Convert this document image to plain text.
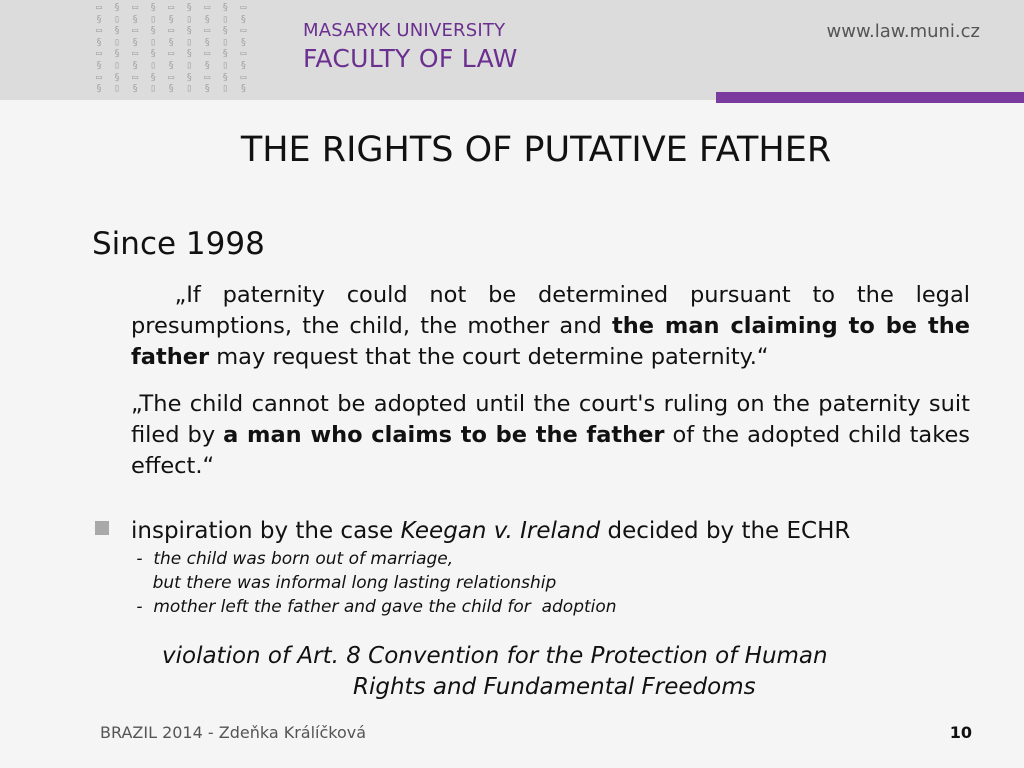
▭ § ▭ § ▭ § ▭ § ▭
§ ▯ § ▯ § ▯ § ▯ §
▭ § ▭ § ▭ § ▭ § ▭
§ ▯ § ▯ § ▯ § ▯ §
▭ § ▭ § ▭ § ▭ § ▭
§ ▯ § ▯ § ▯ § ▯ §
▭ § ▭ § ▭ § ▭ § ▭
§ ▯ § ▯ § ▯ § ▯ §
MASARYK UNIVERSITY
FACULTY OF LAW
www.law.muni.cz
THE RIGHTS OF PUTATIVE FATHER
Since 1998
„If paternity could not be determined pursuant to the legal presumptions, the child, the mother and the man claiming to be the father may request that the court determine paternity.“
„The child cannot be adopted until the court's ruling on the paternity suit filed by a man who claims to be the father of the adopted child takes effect.“
inspiration by the case Keegan v. Ireland decided by the ECHR
-  the child was born out of marriage,
but there was informal long lasting relationship
-  mother left the father and gave the child for  adoption
violation of Art. 8 Convention for the Protection of Human
Rights and Fundamental Freedoms
BRAZIL 2014 - Zdeňka Králíčková	10
